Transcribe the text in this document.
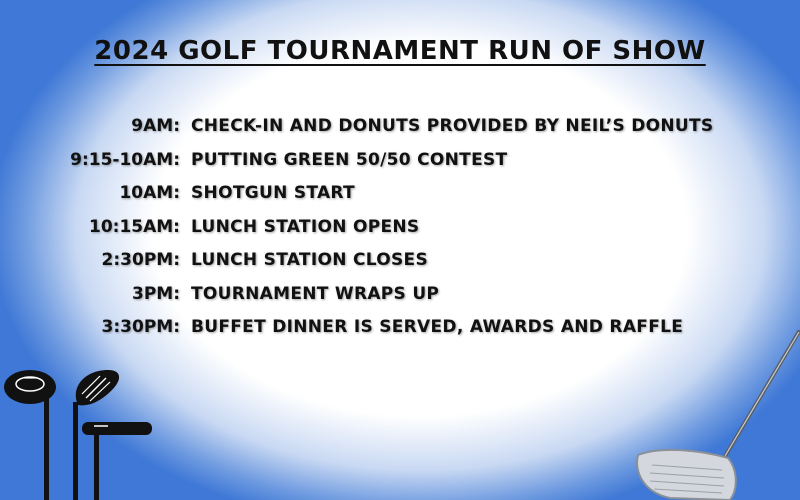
2024 GOLF TOURNAMENT RUN OF SHOW
9AM: CHECK-IN AND DONUTS PROVIDED BY NEIL’S DONUTS
9:15-10AM: PUTTING GREEN 50/50 CONTEST
10AM: SHOTGUN START
10:15AM: LUNCH STATION OPENS
2:30PM: LUNCH STATION CLOSES
3PM: TOURNAMENT WRAPS UP
3:30PM: BUFFET DINNER IS SERVED, AWARDS AND RAFFLE
